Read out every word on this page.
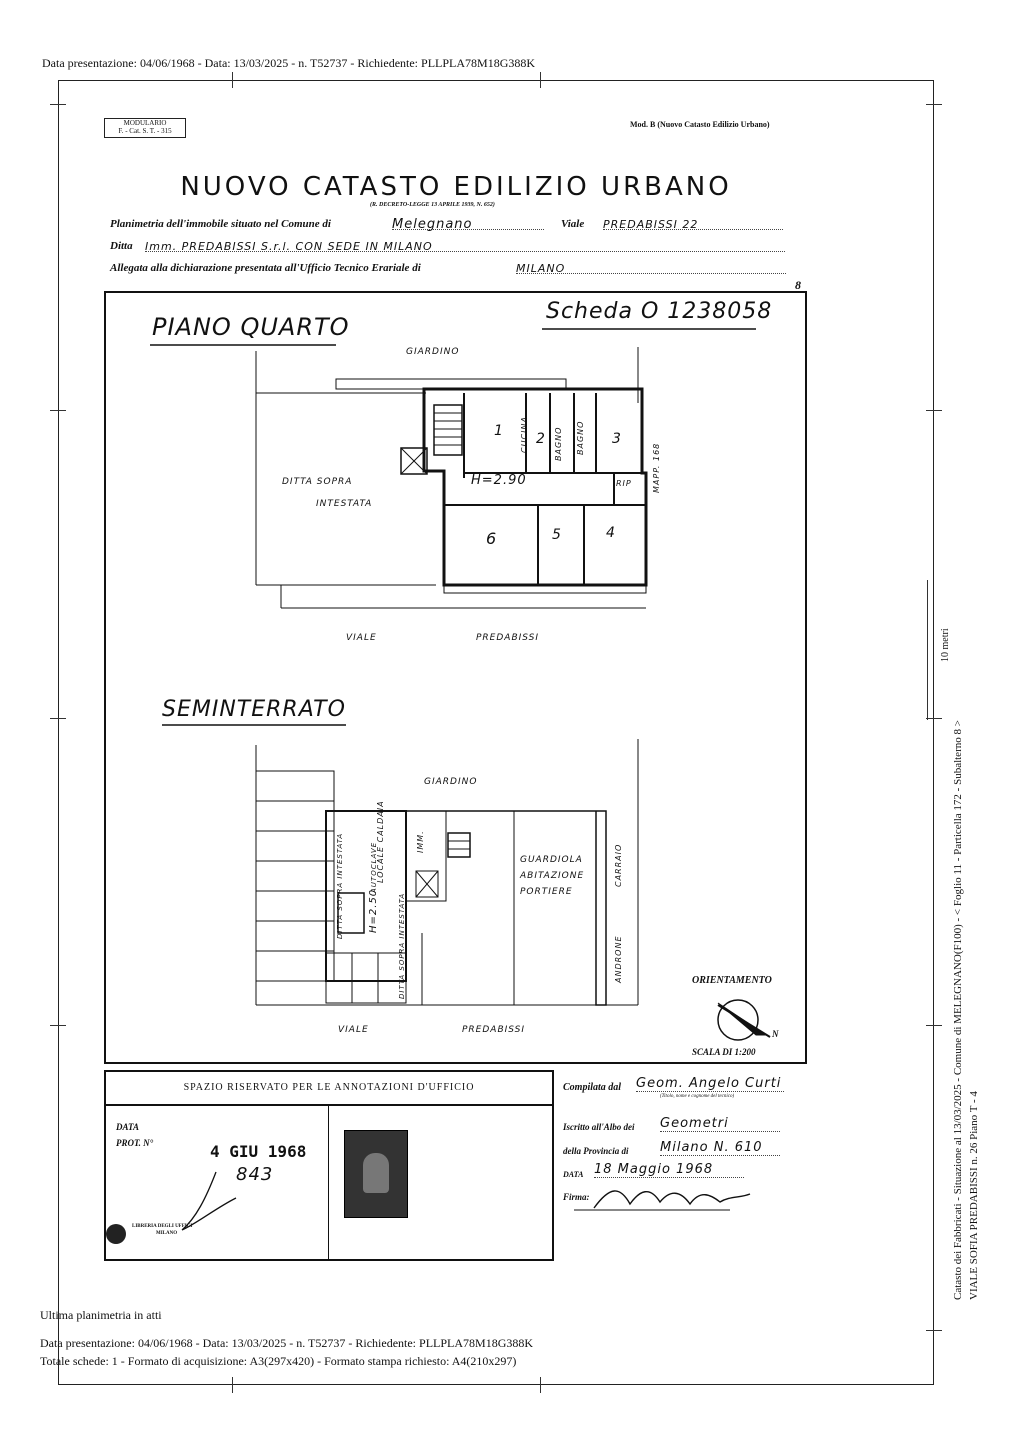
Data presentazione: 04/06/1968 - Data: 13/03/2025 - n. T52737 - Richiedente: PLLPLA78M18G388K
MODULARIO
F. - Cat. S. T. - 315
Mod. B (Nuovo Catasto Edilizio Urbano)
NUOVO CATASTO EDILIZIO URBANO
(R. DECRETO-LEGGE 13 APRILE 1939, N. 652)
Planimetria dell'immobile situato nel Comune di	Melegnano	Viale PREDABISSI 22
Ditta Imm. PREDABISSI S.r.l. CON SEDE IN MILANO
Allegata alla dichiarazione presentata all'Ufficio Tecnico Erariale di	MILANO
8
PIANO QUARTO
Scheda O 1238058
GIARDINO
DITTA SOPRA
INTESTATA
H=2.90
1 2	3
4
5
6
CUCINA	BAGNO BAGNO
RIP	MAPP. 168
VIALE	PREDABISSI
SEMINTERRATO
GIARDINO
DITTA SOPRA INTESTATA	AUTOCLAVE
LOCALE CALDAIA	IMM.
H=2.50	DITTA SOPRA INTESTATA
GUARDIOLA
ABITAZIONE
PORTIERE
CARRAIO
ANDRONE
VIALE	PREDABISSI
ORIENTAMENTO
N
SCALA DI 1:200
SPAZIO RISERVATO PER LE ANNOTAZIONI D'UFFICIO
DATA
PROT. N°	4 GIU 1968
843
LIBRERIA DEGLI UFFICI
MILANO
Compilata dal Geom. Angelo Curti
(Titolo, nome e cognome del tecnico)
Iscritto all'Albo dei Geometri
della Provincia di Milano N. 610
DATA 18 Maggio 1968
Firma:
10 metri
Catasto dei Fabbricati - Situazione al 13/03/2025 - Comune di MELEGNANO(F100) - < Foglio 11 - Particella 172 - Subalterno 8 > VIALE SOFIA PREDABISSI n. 26 Piano T - 4
Ultima planimetria in atti
Data presentazione: 04/06/1968 - Data: 13/03/2025 - n. T52737 - Richiedente: PLLPLA78M18G388K
Totale schede: 1 - Formato di acquisizione: A3(297x420) - Formato stampa richiesto: A4(210x297)
